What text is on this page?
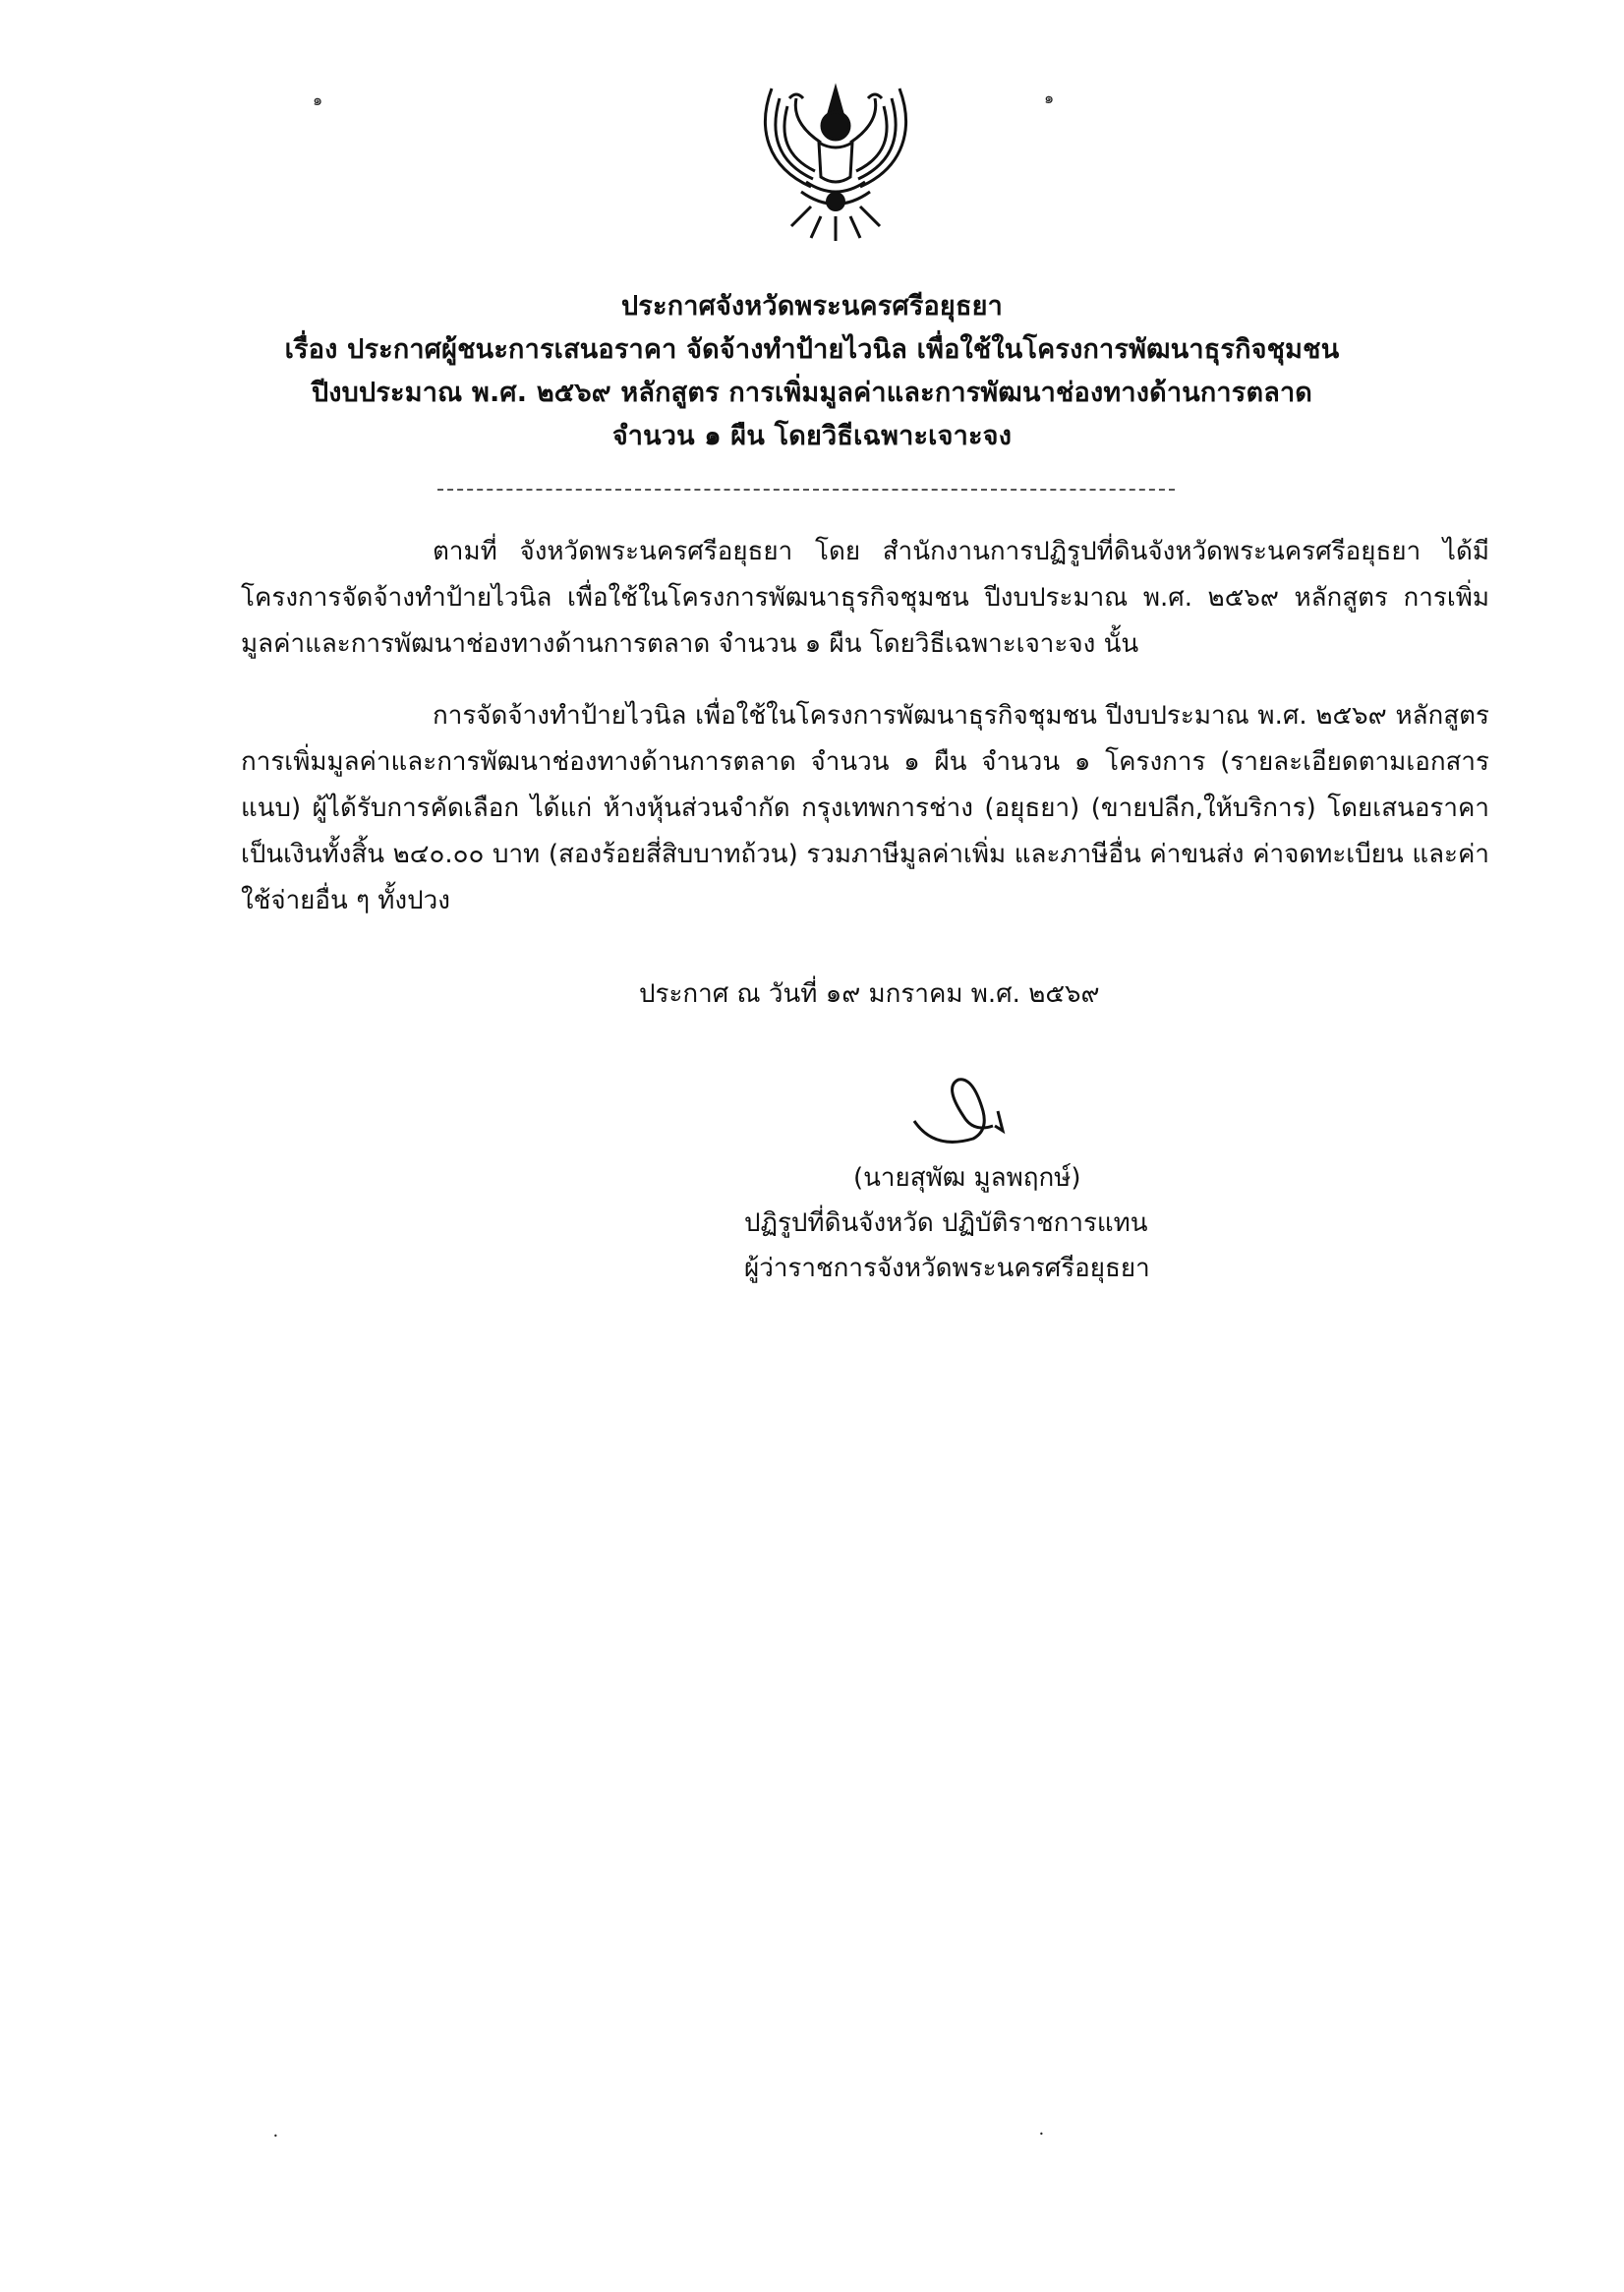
๑	๑
ประกาศจังหวัดพระนครศรีอยุธยา
เรื่อง ประกาศผู้ชนะการเสนอราคา จัดจ้างทำป้ายไวนิล เพื่อใช้ในโครงการพัฒนาธุรกิจชุมชน
ปีงบประมาณ พ.ศ. ๒๕๖๙ หลักสูตร การเพิ่มมูลค่าและการพัฒนาช่องทางด้านการตลาด
จำนวน ๑ ผืน โดยวิธีเฉพาะเจาะจง
ตามที่ จังหวัดพระนครศรีอยุธยา โดย สำนักงานการปฏิรูปที่ดินจังหวัดพระนครศรีอยุธยา ได้มีโครงการจัดจ้างทำป้ายไวนิล เพื่อใช้ในโครงการพัฒนาธุรกิจชุมชน ปีงบประมาณ พ.ศ. ๒๕๖๙ หลักสูตร การเพิ่มมูลค่าและการพัฒนาช่องทางด้านการตลาด จำนวน ๑ ผืน โดยวิธีเฉพาะเจาะจง นั้น
การจัดจ้างทำป้ายไวนิล เพื่อใช้ในโครงการพัฒนาธุรกิจชุมชน ปีงบประมาณ พ.ศ. ๒๕๖๙ หลักสูตร การเพิ่มมูลค่าและการพัฒนาช่องทางด้านการตลาด จำนวน ๑ ผืน จำนวน ๑ โครงการ (รายละเอียดตามเอกสารแนบ) ผู้ได้รับการคัดเลือก ได้แก่ ห้างหุ้นส่วนจำกัด กรุงเทพการช่าง (อยุธยา) (ขายปลีก,ให้บริการ) โดยเสนอราคาเป็นเงินทั้งสิ้น ๒๔๐.๐๐ บาท (สองร้อยสี่สิบบาทถ้วน) รวมภาษีมูลค่าเพิ่ม และภาษีอื่น ค่าขนส่ง ค่าจดทะเบียน และค่าใช้จ่ายอื่น ๆ ทั้งปวง
ประกาศ ณ วันที่ ๑๙ มกราคม พ.ศ. ๒๕๖๙
(นายสุพัฒ มูลพฤกษ์)
ปฏิรูปที่ดินจังหวัด ปฏิบัติราชการแทน
ผู้ว่าราชการจังหวัดพระนครศรีอยุธยา
•	•
